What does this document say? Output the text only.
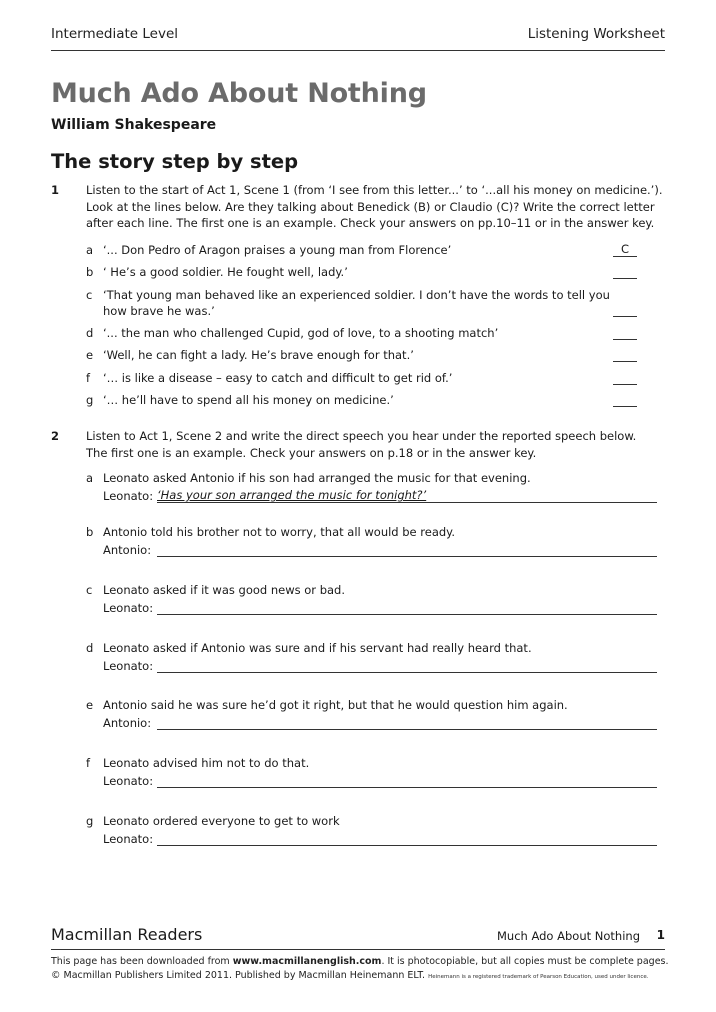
Intermediate Level	Listening Worksheet
Much Ado About Nothing
William Shakespeare
The story step by step
1 Listen to the start of Act 1, Scene 1 (from ‘I see from this letter...’ to ‘...all his money on medicine.’).

Look at the lines below. Are they talking about Benedick (B) or Claudio (C)? Write the correct letter

after each line. The first one is an example. Check your answers on pp.10–11 or in the answer key.

a ‘... Don Pedro of Aragon praises a young man from Florence’	C
b ‘ He’s a good soldier. He fought well, lady.’
c ‘That young man behaved like an experienced soldier. I don’t have the words to tell you
how brave he was.’
d ‘... the man who challenged Cupid, god of love, to a shooting match’
e ‘Well, he can fight a lady. He’s brave enough for that.’
f ‘… is like a disease – easy to catch and difficult to get rid of.’
g ‘… he’ll have to spend all his money on medicine.’
2 Listen to Act 1, Scene 2 and write the direct speech you hear under the reported speech below.

The first one is an example. Check your answers on p.18 or in the answer key.

a Leonato asked Antonio if his son had arranged the music for that evening.
Leonato: ‘Has your son arranged the music for tonight?’
b Antonio told his brother not to worry, that all would be ready.
Antonio:
c Leonato asked if it was good news or bad.
Leonato:
d Leonato asked if Antonio was sure and if his servant had really heard that.
Leonato:
e Antonio said he was sure he’d got it right, but that he would question him again.
Antonio:
f Leonato advised him not to do that.
Leonato:
g Leonato ordered everyone to get to work
Leonato:
Macmillan Readers	Much Ado About Nothing 1
This page has been downloaded from www.macmillanenglish.com. It is photocopiable, but all copies must be complete pages.
© Macmillan Publishers Limited 2011. Published by Macmillan Heinemann ELT. Heinemann is a registered trademark of Pearson Education, used under licence.
